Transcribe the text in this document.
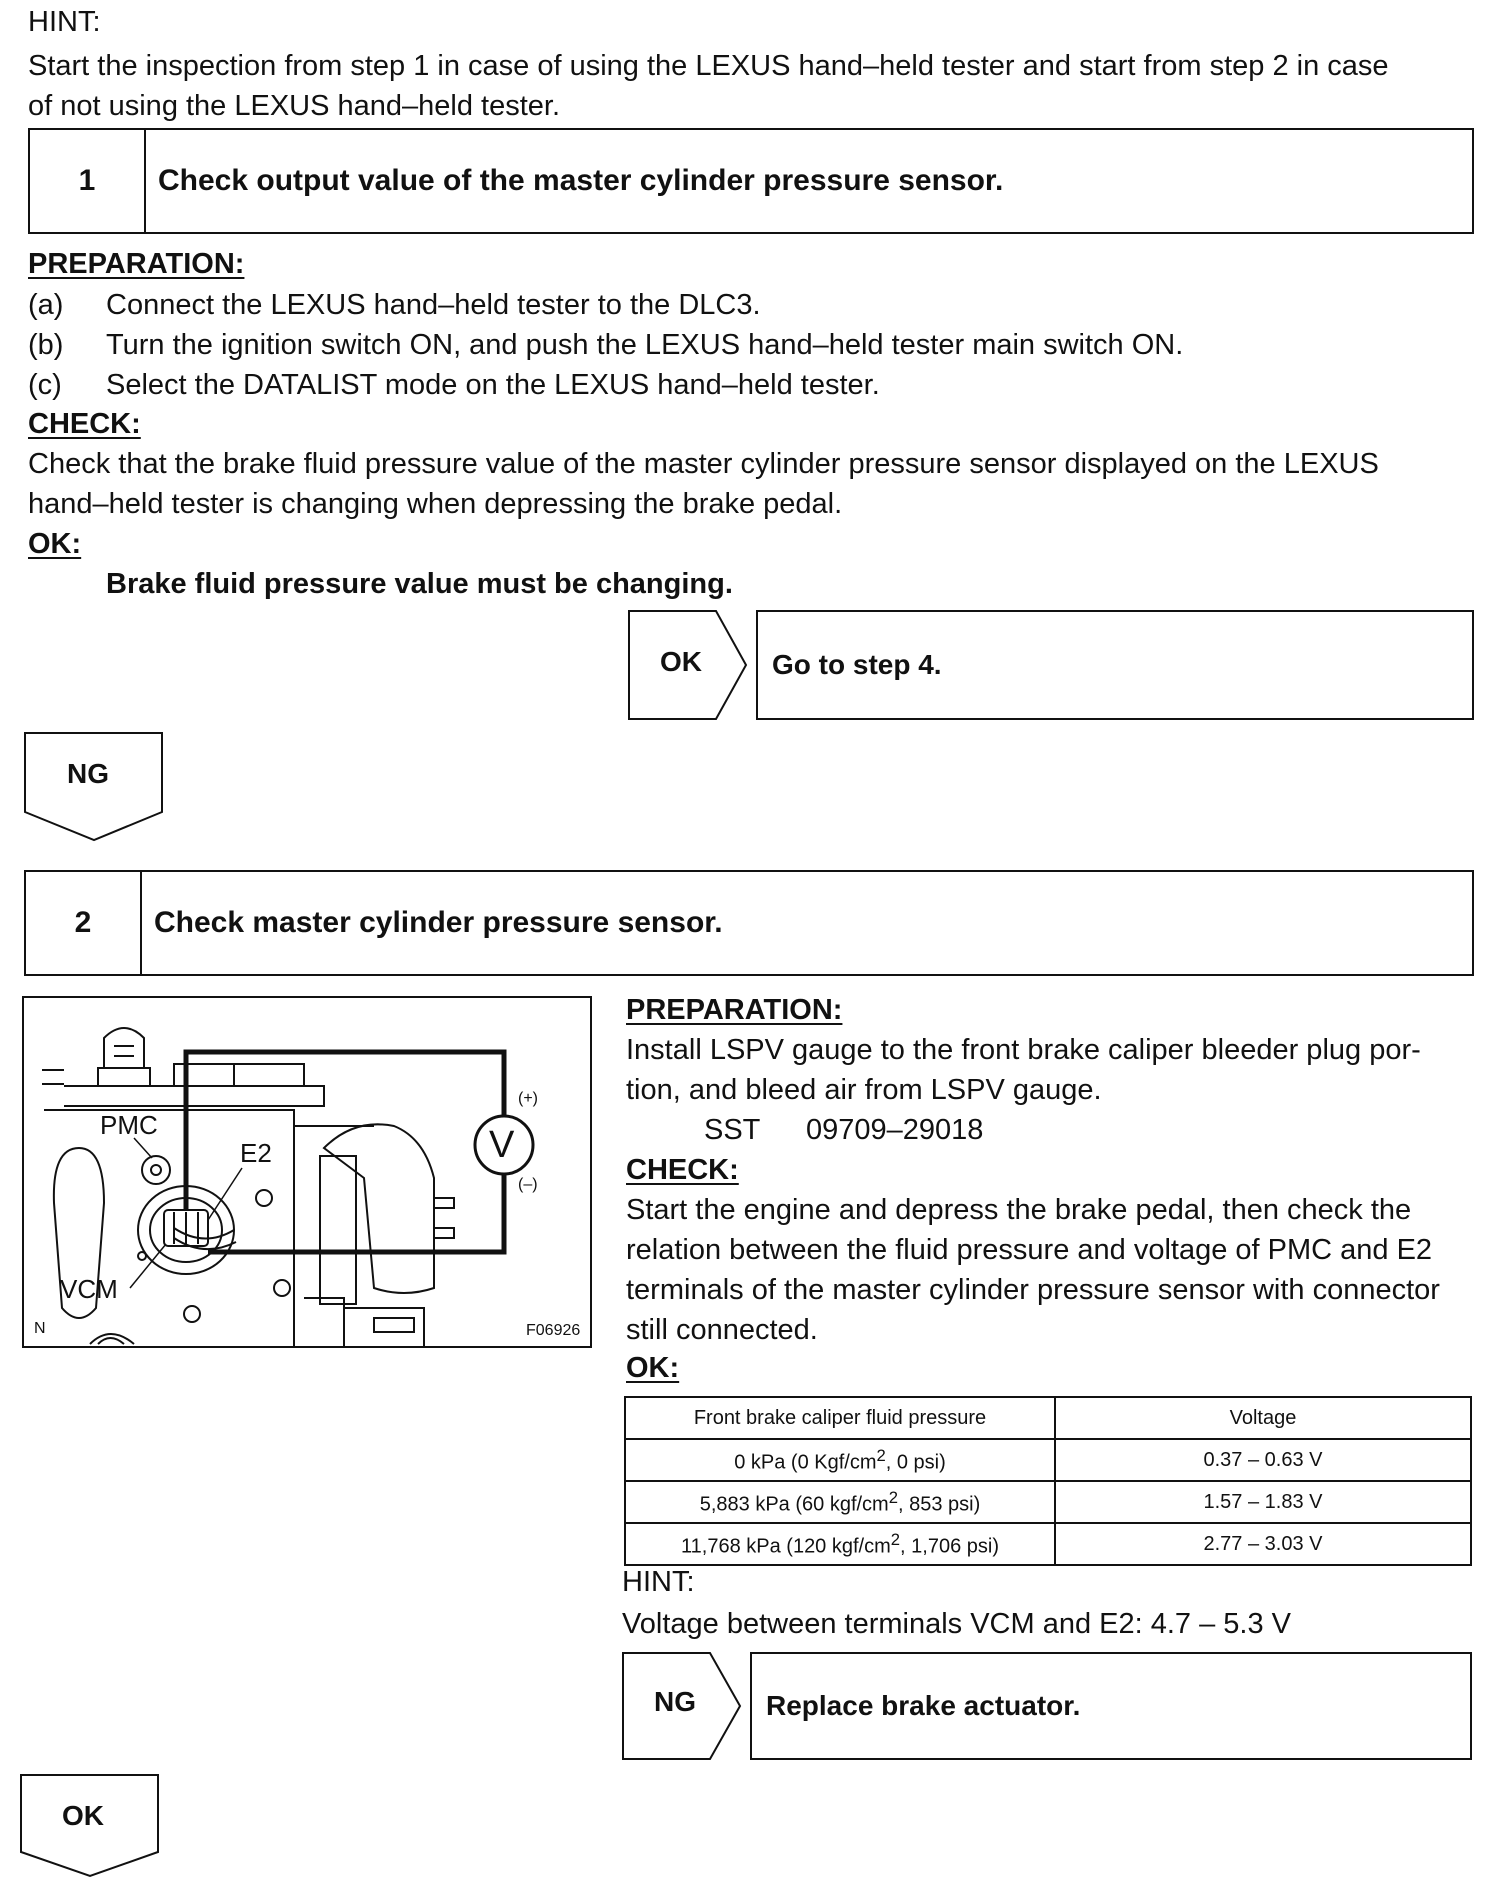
HINT:
Start the inspection from step 1 in case of using the LEXUS hand–held tester and start from step 2 in case
of not using the LEXUS hand–held tester.
1	Check output value of the master cylinder pressure sensor.
PREPARATION:
(a) Connect the LEXUS hand–held tester to the DLC3.
(b) Turn the ignition switch ON, and push the LEXUS hand–held tester main switch ON.
(c) Select the DATALIST mode on the LEXUS hand–held tester.
CHECK:
Check that the brake fluid pressure value of the master cylinder pressure sensor displayed on the LEXUS
hand–held tester is changing when depressing the brake pedal.
OK:
Brake fluid pressure value must be changing.
OK	Go to step 4.
NG
2	Check master cylinder pressure sensor.
PMC
E2
VCM
V
(+)
(–)
N	F06926
PREPARATION:
Install LSPV gauge to the front brake caliper bleeder plug por-
tion, and bleed air from LSPV gauge.
SST 09709–29018
CHECK:
Start the engine and depress the brake pedal, then check the
relation between the fluid pressure and voltage of PMC and E2
terminals of the master cylinder pressure sensor with connector
still connected.
OK:
Front brake caliper fluid pressure	Voltage
0 kPa (0 Kgf/$cm^2$, 0 psi)	0.37 – 0.63 V
5,883 kPa (60 kgf/$cm^2$, 853 psi)	1.57 – 1.83 V
11,768 kPa (120 kgf/$cm^2$, 1,706 psi)	2.77 – 3.03 V
HINT:
Voltage between terminals VCM and E2: 4.7 – 5.3 V
NG	Replace brake actuator.
OK
